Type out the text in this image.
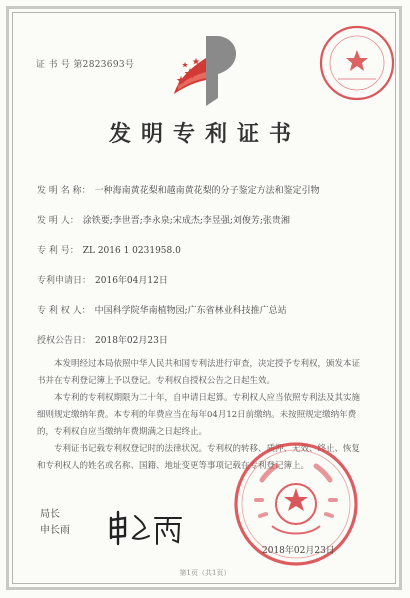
证 书 号 第2823693号
发明专利证书
发 明 名 称： 一种海南黄花梨和越南黄花梨的分子鉴定方法和鉴定引物
发 明 人： 涂铁要;李世晋;李永泉;宋成杰;李昱强;刘俊芳;张贵湘
专 利 号： ZL 2016 1 0231958.0
专利申请日： 2016年04月12日
专 利 权 人： 中国科学院华南植物园;广东省林业科技推广总站
授权公告日： 2018年02月23日

本发明经过本局依照中华人民共和国专利法进行审查，决定授予专利权，颁发本证书并在专利登记簿上予以登记。专利权自授权公告之日起生效。

本专利的专利权期限为二十年，自申请日起算。专利权人应当依照专利法及其实施细则规定缴纳年费。本专利的年费应当在每年04月12日前缴纳。未按照规定缴纳年费的，专利权自应当缴纳年费期满之日起终止。

专利证书记载专利权登记时的法律状况。专利权的转移、质押、无效、终止、恢复和专利权人的姓名或名称、国籍、地址变更等事项记载在专利登记簿上。

局长
申长雨
2018年02月23日
第1页（共1页）
